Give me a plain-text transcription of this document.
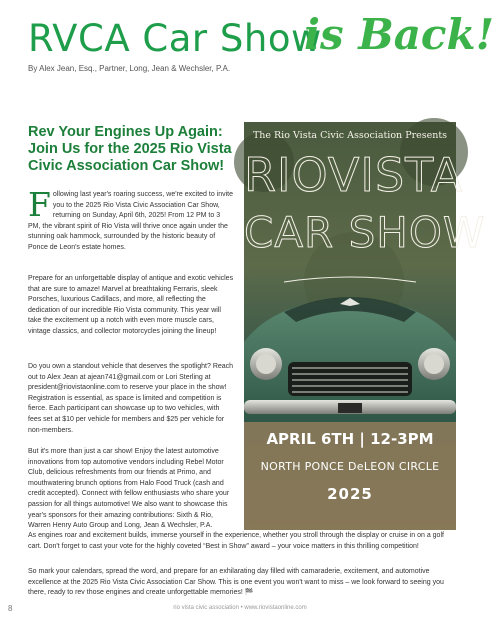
RVCA Car Show
is Back!
By Alex Jean, Esq., Partner, Long, Jean & Wechsler, P.A.
Rev Your Engines Up Again: Join Us for the 2025 Rio Vista Civic Association Car Show!
Following last year's roaring success, we're excited to invite you to the 2025 Rio Vista Civic Association Car Show, returning on Sunday, April 6th, 2025! From 12 PM to 3 PM, the vibrant spirit of Rio Vista will thrive once again under the stunning oak hammock, surrounded by the historic beauty of Ponce de Leon's estate homes.
Prepare for an unforgettable display of antique and exotic vehicles that are sure to amaze! Marvel at breathtaking Ferraris, sleek Porsches, luxurious Cadillacs, and more, all reflecting the dedication of our incredible Rio Vista community. This year will take the excitement up a notch with even more muscle cars, vintage classics, and collector motorcycles joining the lineup!
Do you own a standout vehicle that deserves the spotlight? Reach out to Alex Jean at ajean741@gmail.com or Lori Sterling at president@riovistaonline.com to reserve your place in the show! Registration is essential, as space is limited and competition is fierce. Each participant can showcase up to two vehicles, with fees set at $10 per vehicle for members and $25 per vehicle for non-members.
But it's more than just a car show! Enjoy the latest automotive innovations from top automotive vendors including Rebel Motor Club, delicious refreshments from our friends at Primo, and mouthwatering brunch options from Halo Food Truck (cash and credit accepted). Connect with fellow enthusiasts who share your passion for all things automotive! We also want to showcase this year's sponsors for their amazing contributions: Sixth & Rio, Warren Henry Auto Group and Long, Jean & Wechsler, P.A.
As engines roar and excitement builds, immerse yourself in the experience, whether you stroll through the display or cruise in on a golf cart. Don't forget to cast your vote for the highly coveted “Best in Show” award – your voice matters in this thrilling competition!
So mark your calendars, spread the word, and prepare for an exhilarating day filled with camaraderie, excitement, and automotive excellence at the 2025 Rio Vista Civic Association Car Show. This is one event you won't want to miss – we look forward to seeing you there, ready to rev those engines and create unforgettable memories! 🏁
The Rio Vista Civic Association Presents
RIOVISTA
CAR SHOW
APRIL 6TH | 12-3PM
NORTH PONCE DeLEON CIRCLE
2025
8	rio vista civic association • www.riovistaonline.com
